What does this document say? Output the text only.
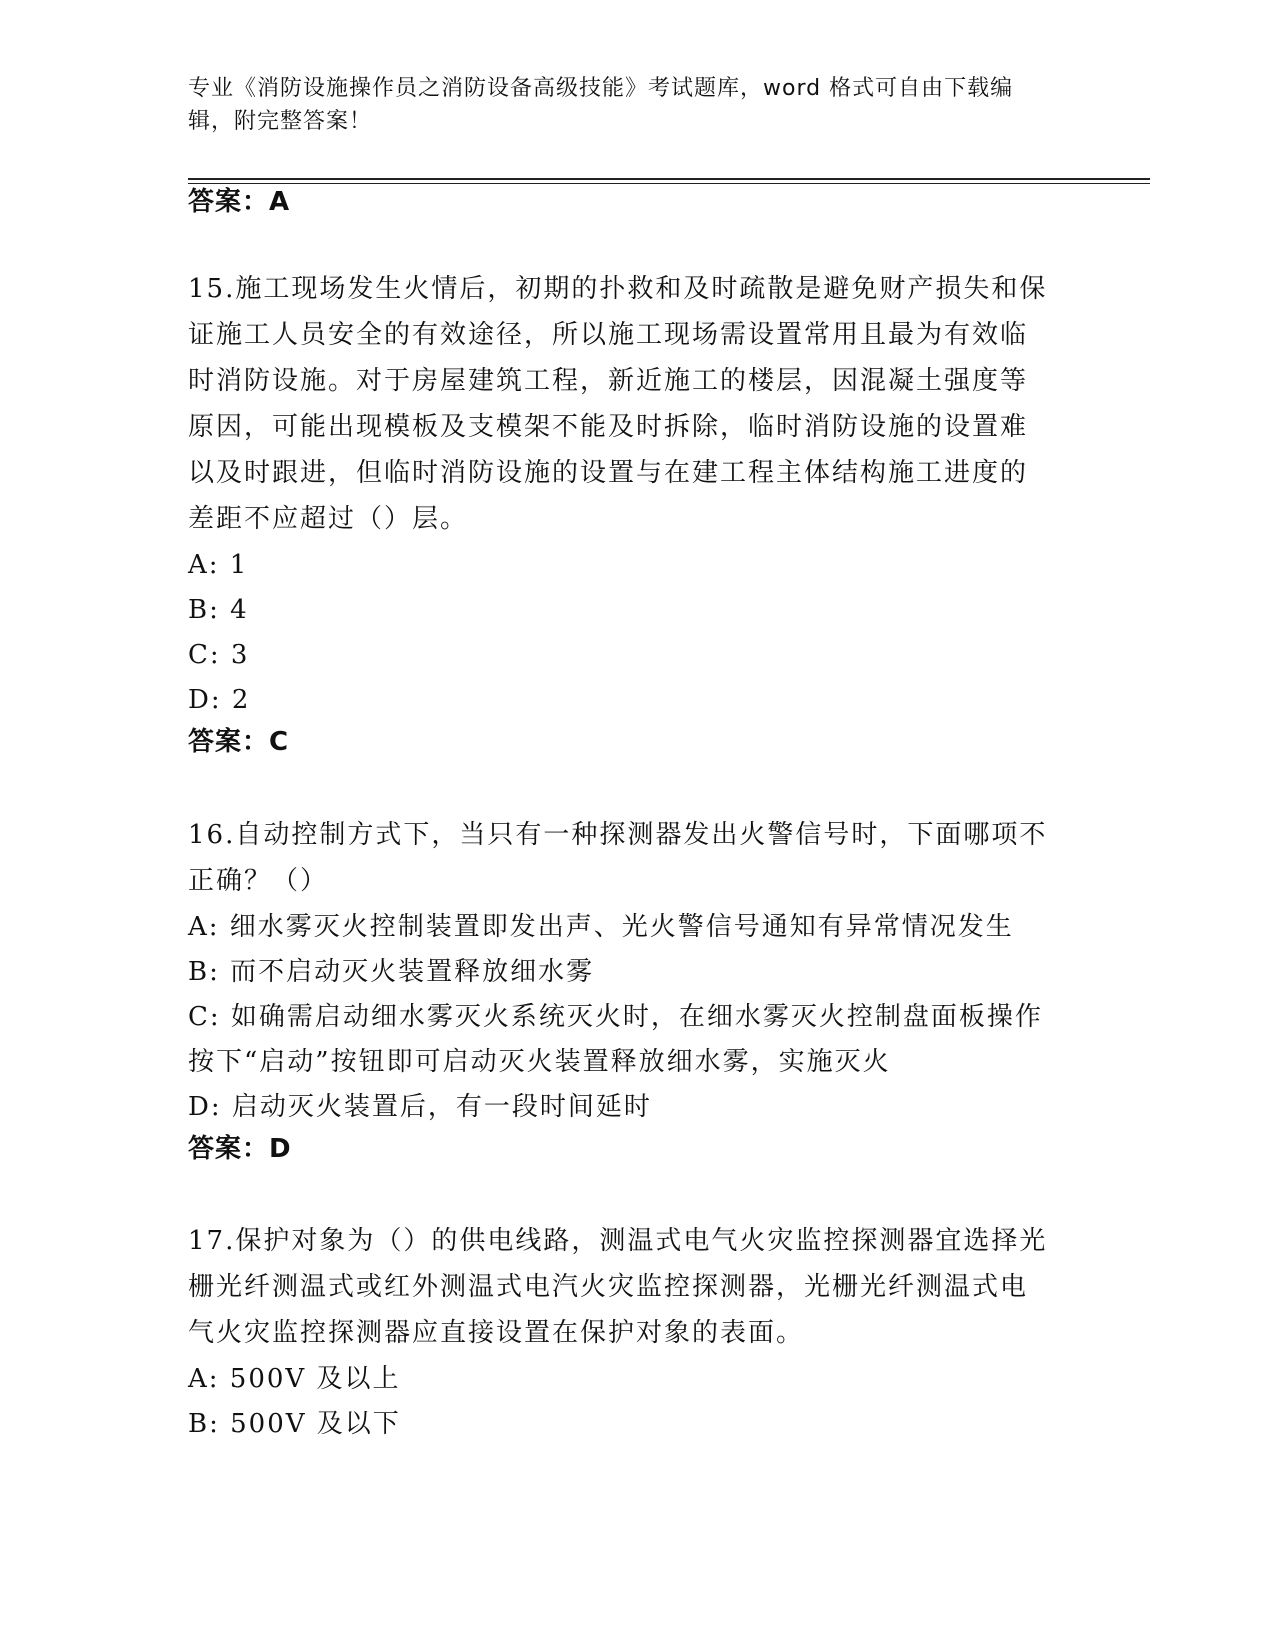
专业《消防设施操作员之消防设备高级技能》考试题库，word 格式可自由下载编
辑，附完整答案！
答案：A
15.施工现场发生火情后，初期的扑救和及时疏散是避免财产损失和保
证施工人员安全的有效途径，所以施工现场需设置常用且最为有效临
时消防设施。对于房屋建筑工程，新近施工的楼层，因混凝土强度等
原因，可能出现模板及支模架不能及时拆除，临时消防设施的设置难
以及时跟进，但临时消防设施的设置与在建工程主体结构施工进度的
差距不应超过（）层。
A: 1
B: 4
C: 3
D: 2
答案：C
16.自动控制方式下，当只有一种探测器发出火警信号时，下面哪项不
正确？（）
A: 细水雾灭火控制装置即发出声、光火警信号通知有异常情况发生
B: 而不启动灭火装置释放细水雾
C: 如确需启动细水雾灭火系统灭火时，在细水雾灭火控制盘面板操作
按下“启动”按钮即可启动灭火装置释放细水雾，实施灭火
D: 启动灭火装置后，有一段时间延时
答案：D
17.保护对象为（）的供电线路，测温式电气火灾监控探测器宜选择光
栅光纤测温式或红外测温式电汽火灾监控探测器，光栅光纤测温式电
气火灾监控探测器应直接设置在保护对象的表面。
A: 500V 及以上
B: 500V 及以下
